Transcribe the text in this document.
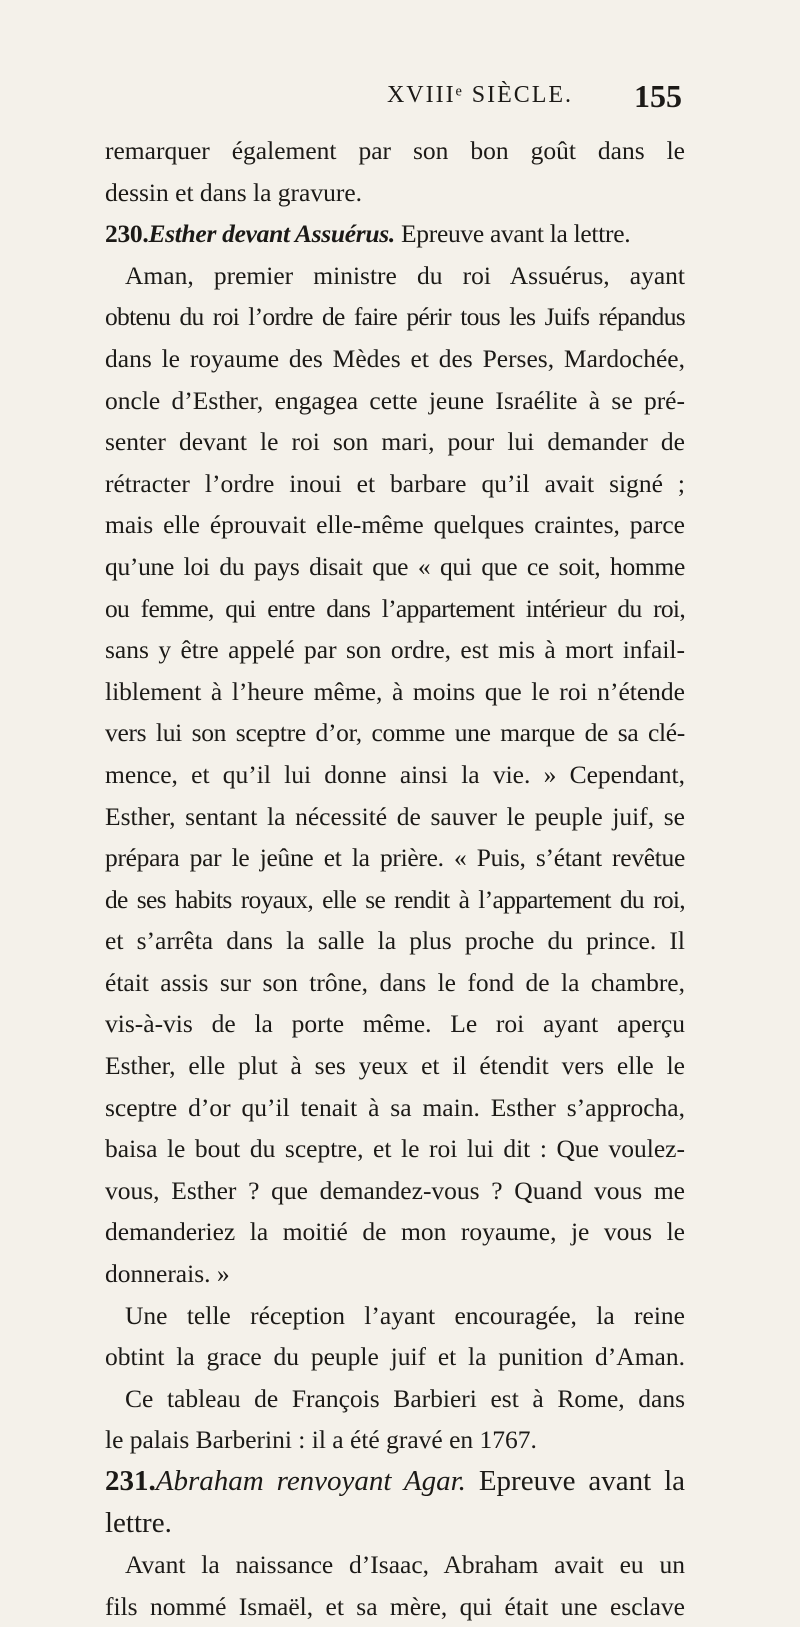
XVIIIᵉ SIÈCLE. 155
remarquer également par son bon goût dans le
dessin et dans la gravure.
230.Esther devant Assuérus. Epreuve avant la lettre.
Aman, premier ministre du roi Assuérus, ayant
obtenu du roi l’ordre de faire périr tous les Juifs répandus
dans le royaume des Mèdes et des Perses, Mardochée,
oncle d’Esther, engagea cette jeune Israélite à se pré-
senter devant le roi son mari, pour lui demander de
rétracter l’ordre inoui et barbare qu’il avait signé ;
mais elle éprouvait elle-même quelques craintes, parce
qu’une loi du pays disait que « qui que ce soit, homme
ou femme, qui entre dans l’appartement intérieur du roi,
sans y être appelé par son ordre, est mis à mort infail-
liblement à l’heure même, à moins que le roi n’étende
vers lui son sceptre d’or, comme une marque de sa clé-
mence, et qu’il lui donne ainsi la vie. » Cependant,
Esther, sentant la nécessité de sauver le peuple juif, se
prépara par le jeûne et la prière. « Puis, s’étant revêtue
de ses habits royaux, elle se rendit à l’appartement du roi,
et s’arrêta dans la salle la plus proche du prince. Il
était assis sur son trône, dans le fond de la chambre,
vis-à-vis de la porte même. Le roi ayant aperçu
Esther, elle plut à ses yeux et il étendit vers elle le
sceptre d’or qu’il tenait à sa main. Esther s’approcha,
baisa le bout du sceptre, et le roi lui dit : Que voulez-
vous, Esther ? que demandez-vous ? Quand vous me
demanderiez la moitié de mon royaume, je vous le
donnerais. »
Une telle réception l’ayant encouragée, la reine
obtint la grace du peuple juif et la punition d’Aman.
Ce tableau de François Barbieri est à Rome, dans
le palais Barberini : il a été gravé en 1767.
231.Abraham renvoyant Agar. Epreuve avant la
lettre.
Avant la naissance d’Isaac, Abraham avait eu un
fils nommé Ismaël, et sa mère, qui était une esclave
